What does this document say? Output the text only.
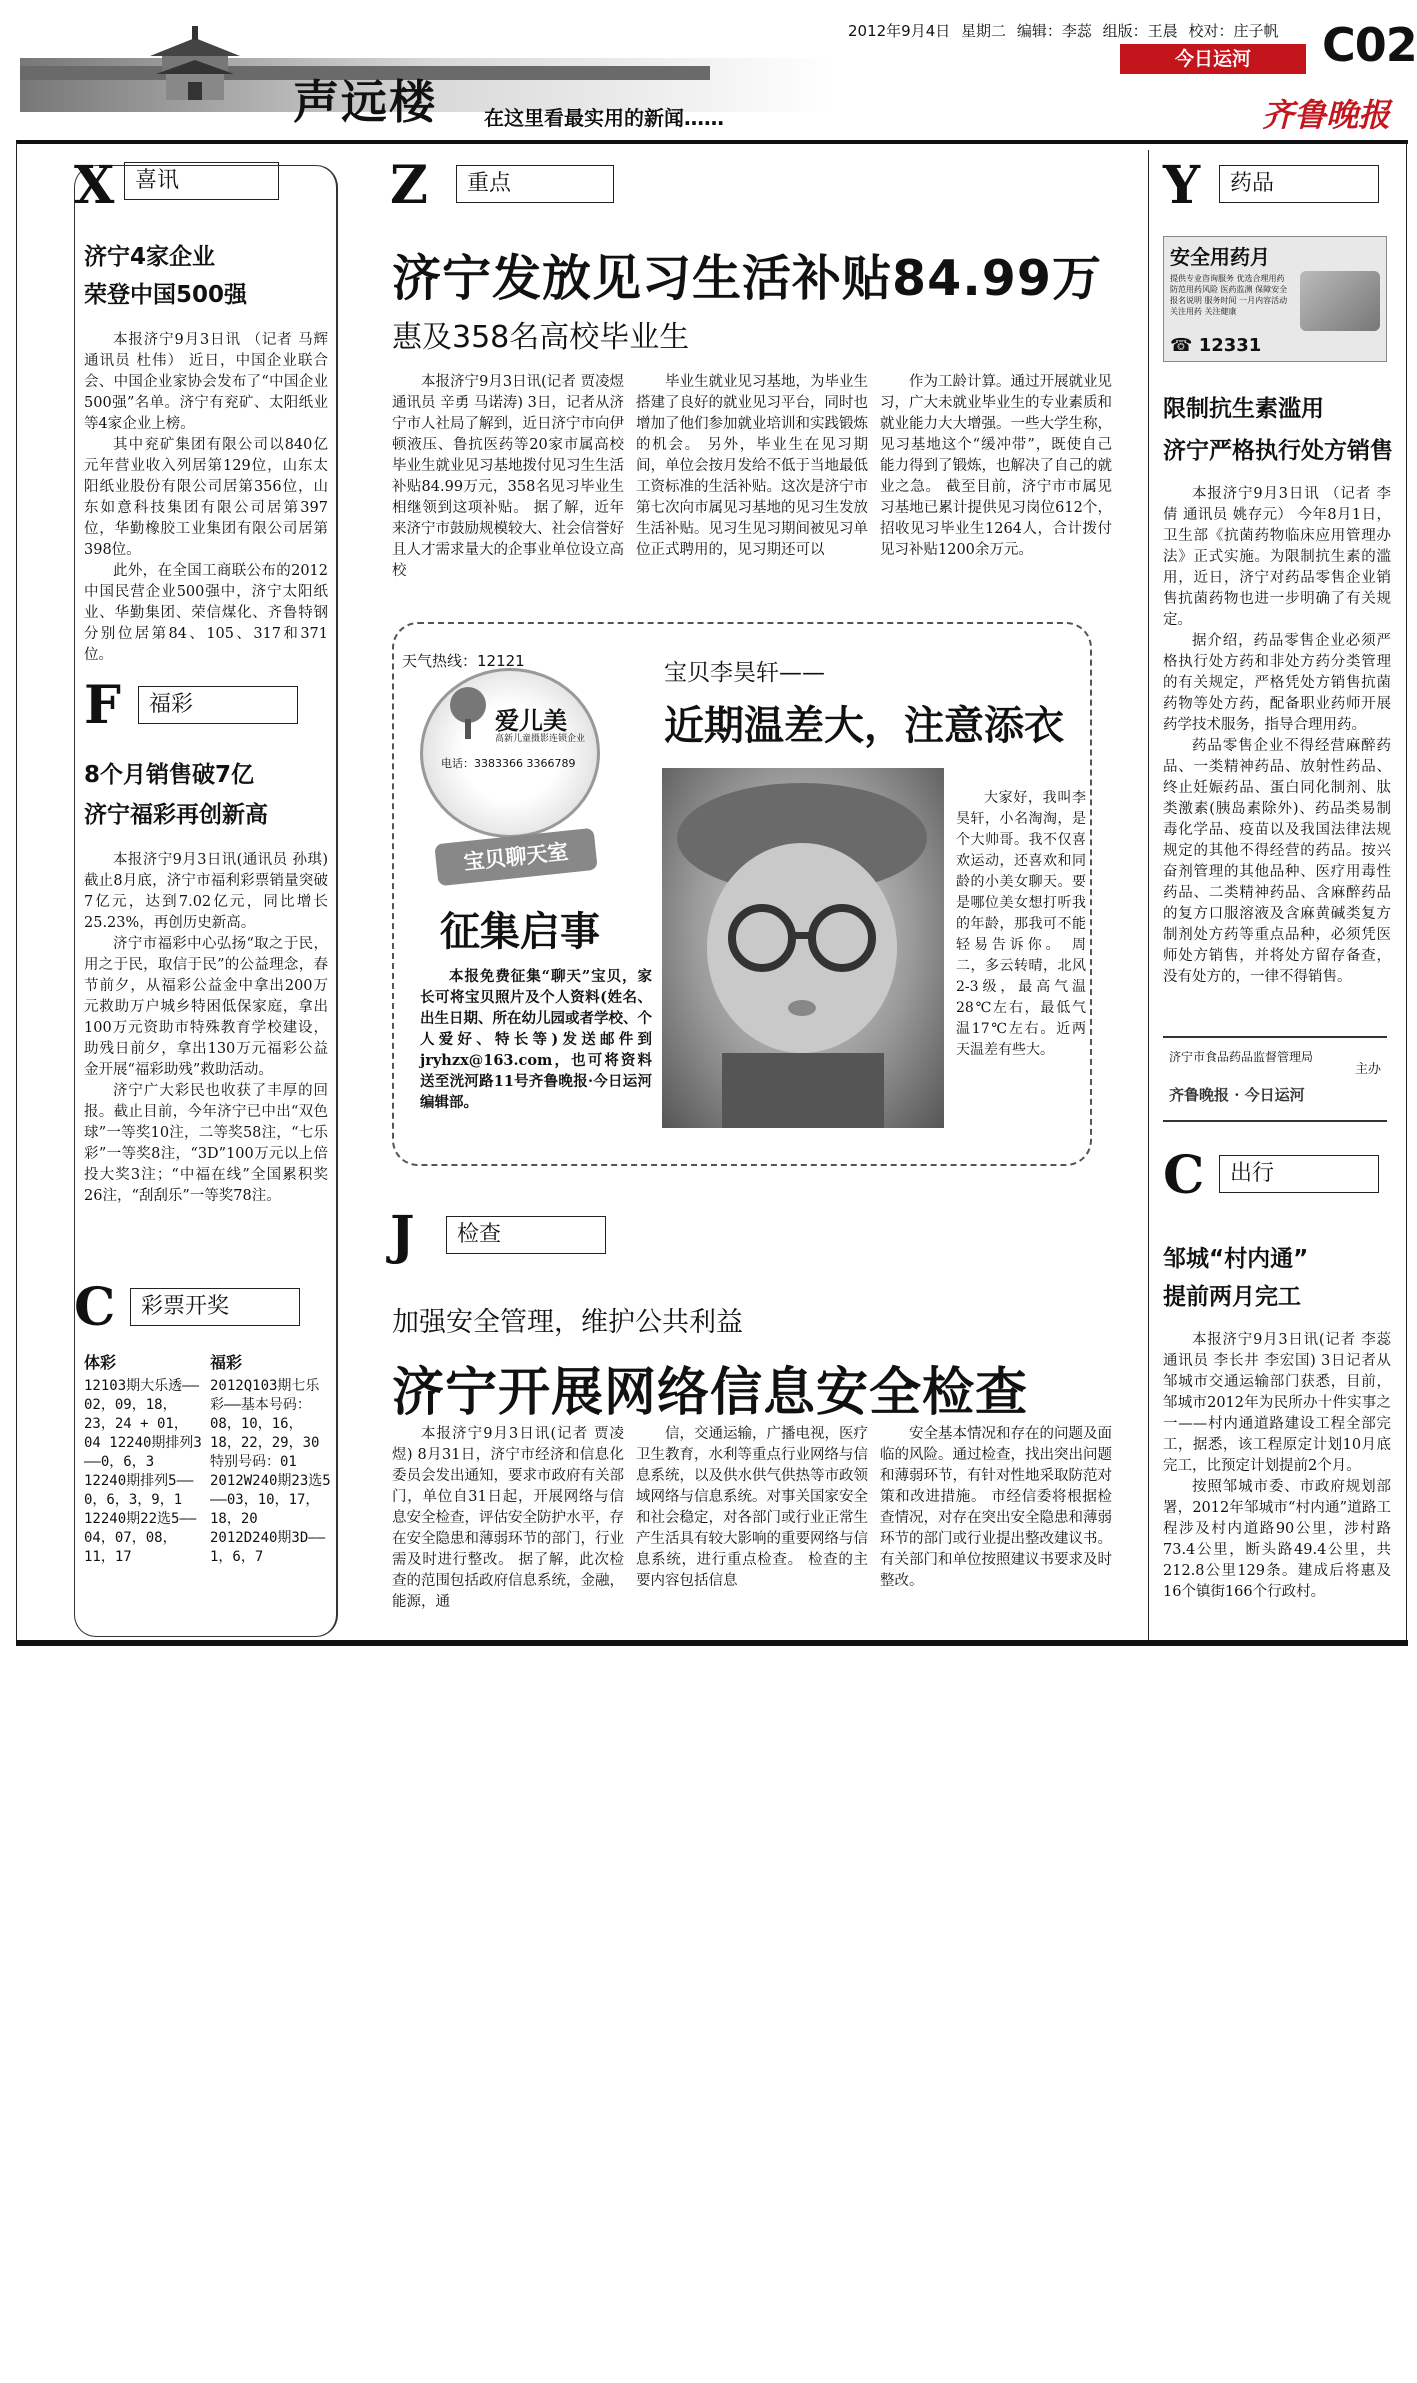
声远楼 在这里看最实用的新闻……
2012年9月4日 星期二 编辑：李蕊 组版：王晨 校对：庄子帆
今日运河	C02
齐鲁晚报
X 喜讯
济宁4家企业
荣登中国500强

本报济宁9月3日讯 （记者 马辉 通讯员 杜伟） 近日，中国企业联合会、中国企业家协会发布了“中国企业500强”名单。济宁有兖矿、太阳纸业等4家企业上榜。

其中兖矿集团有限公司以840亿元年营业收入列居第129位，山东太阳纸业股份有限公司居第356位，山东如意科技集团有限公司居第397位，华勤橡胶工业集团有限公司居第398位。

此外，在全国工商联公布的2012中国民营企业500强中，济宁太阳纸业、华勤集团、荣信煤化、齐鲁特钢分别位居第84、105、317和371位。

F	福彩
8个月销售破7亿
济宁福彩再创新高

本报济宁9月3日讯(通讯员 孙琪) 截止8月底，济宁市福利彩票销量突破7亿元，达到7.02亿元，同比增长25.23%，再创历史新高。

济宁市福彩中心弘扬“取之于民，用之于民，取信于民”的公益理念，春节前夕，从福彩公益金中拿出200万元救助万户城乡特困低保家庭，拿出100万元资助市特殊教育学校建设，助残日前夕，拿出130万元福彩公益金开展“福彩助残”救助活动。

济宁广大彩民也收获了丰厚的回报。截止目前，今年济宁已中出“双色球”一等奖10注，二等奖58注，“七乐彩”一等奖8注，“3D”100万元以上倍投大奖3注；“中福在线”全国累积奖26注，“刮刮乐”一等奖78注。

C	彩票开奖
体彩
12103期大乐透——02，09，18，23，24 + 01，04 12240期排列3——0，6，3 12240期排列5——0，6，3，9，1 12240期22选5——04，07，08，11，17
福彩
2012Q103期七乐彩——基本号码：08，10，16，18，22，29，30特别号码：01 2012W240期23选5——03，10，17，18，20 2012D240期3D——1，6，7
Z	重点
济宁发放见习生活补贴84.99万
惠及358名高校毕业生

本报济宁9月3日讯(记者 贾凌煜 通讯员 辛勇 马诺涛) 3日，记者从济宁市人社局了解到，近日济宁市向伊顿液压、鲁抗医药等20家市属高校毕业生就业见习基地拨付见习生生活补贴84.99万元，358名见习毕业生相继领到这项补贴。 据了解，近年来济宁市鼓励规模较大、社会信誉好且人才需求量大的企事业单位设立高校

毕业生就业见习基地，为毕业生搭建了良好的就业见习平台，同时也增加了他们参加就业培训和实践锻炼的机会。 另外，毕业生在见习期间，单位会按月发给不低于当地最低工资标准的生活补贴。这次是济宁市第七次向市属见习基地的见习生发放生活补贴。见习生见习期间被见习单位正式聘用的，见习期还可以

作为工龄计算。通过开展就业见习，广大未就业毕业生的专业素质和就业能力大大增强。一些大学生称，见习基地这个“缓冲带”，既使自己能力得到了锻炼，也解决了自己的就业之急。 截至目前，济宁市市属见习基地已累计提供见习岗位612个，招收见习毕业生1264人，合计拨付见习补贴1200余万元。

天气热线：12121
爱儿美
高新儿童摄影连锁企业
电话：3383366 3366789
宝贝聊天室
征集启事

本报免费征集“聊天”宝贝，家长可将宝贝照片及个人资料(姓名、出生日期、所在幼儿园或者学校、个人爱好、特长等)发送邮件到jryhzx@163.com，也可将资料送至洸河路11号齐鲁晚报·今日运河编辑部。

宝贝李昊轩——
近期温差大，注意添衣

大家好，我叫李昊轩，小名淘淘，是个大帅哥。我不仅喜欢运动，还喜欢和同龄的小美女聊天。要是哪位美女想打听我的年龄，那我可不能轻易告诉你。 周二，多云转晴，北风2-3级，最高气温28℃左右，最低气温17℃左右。近两天温差有些大。

J	检查
加强安全管理，维护公共利益
济宁开展网络信息安全检查

本报济宁9月3日讯(记者 贾凌煜) 8月31日，济宁市经济和信息化委员会发出通知，要求市政府有关部门，单位自31日起，开展网络与信息安全检查，评估安全防护水平，存在安全隐患和薄弱环节的部门，行业需及时进行整改。 据了解，此次检查的范围包括政府信息系统，金融，能源，通

信，交通运输，广播电视，医疗卫生教育，水利等重点行业网络与信息系统，以及供水供气供热等市政领域网络与信息系统。对事关国家安全和社会稳定，对各部门或行业正常生产生活具有较大影响的重要网络与信息系统，进行重点检查。 检查的主要内容包括信息

安全基本情况和存在的问题及面临的风险。通过检查，找出突出问题和薄弱环节，有针对性地采取防范对策和改进措施。 市经信委将根据检查情况，对存在突出安全隐患和薄弱环节的部门或行业提出整改建议书。有关部门和单位按照建议书要求及时整改。

Y	药品
安全用药月
提供专业咨询服务 优选合理用药 防范用药风险 医药监测 保障安全 报名说明 服务时间 一月内容活动 关注用药 关注健康
☎ 12331
限制抗生素滥用
济宁严格执行处方销售

本报济宁9月3日讯 （记者 李倩 通讯员 姚存元） 今年8月1日，卫生部《抗菌药物临床应用管理办法》正式实施。为限制抗生素的滥用，近日，济宁对药品零售企业销售抗菌药物也进一步明确了有关规定。

据介绍，药品零售企业必须严格执行处方药和非处方药分类管理的有关规定，严格凭处方销售抗菌药物等处方药，配备职业药师开展药学技术服务，指导合理用药。

药品零售企业不得经营麻醉药品、一类精神药品、放射性药品、终止妊娠药品、蛋白同化制剂、肽类激素(胰岛素除外)、药品类易制毒化学品、疫苗以及我国法律法规规定的其他不得经营的药品。按兴奋剂管理的其他品种、医疗用毒性药品、二类精神药品、含麻醉药品的复方口服溶液及含麻黄碱类复方制剂处方药等重点品种，必须凭医师处方销售，并将处方留存备查，没有处方的，一律不得销售。

济宁市食品药品监督管理局
主办
齐鲁晚报 · 今日运河
C	出行
邹城“村内通”
提前两月完工

本报济宁9月3日讯(记者 李蕊 通讯员 李长井 李宏国) 3日记者从邹城市交通运输部门获悉，目前，邹城市2012年为民所办十件实事之一——村内通道路建设工程全部完工，据悉，该工程原定计划10月底完工，比预定计划提前2个月。

按照邹城市委、市政府规划部署，2012年邹城市“村内通”道路工程涉及村内道路90公里，涉村路73.4公里，断头路49.4公里，共212.8公里129条。建成后将惠及16个镇街166个行政村。
